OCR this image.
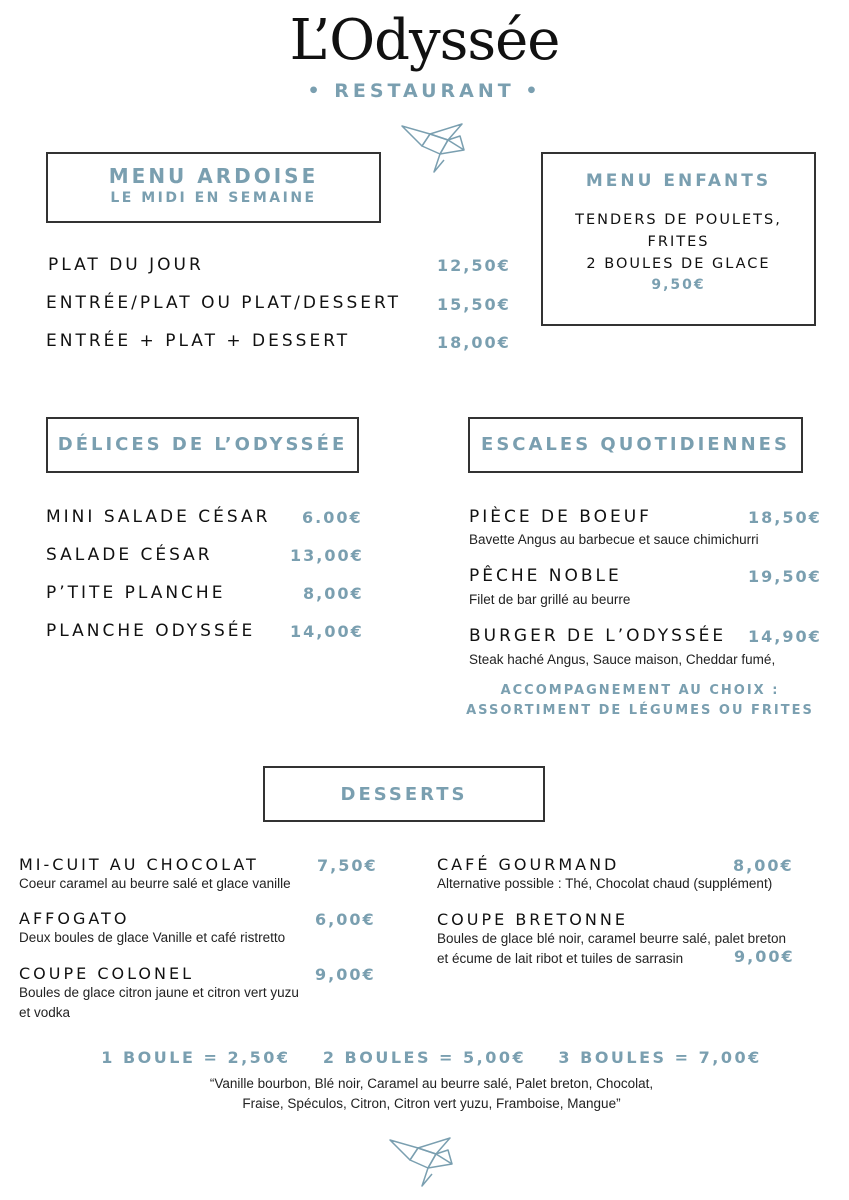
L’Odyssée
• RESTAURANT •
MENU ARDOISE
LE MIDI EN SEMAINE
PLAT DU JOUR	12,50€
ENTRÉE/PLAT OU PLAT/DESSERT 15,50€
ENTRÉE + PLAT + DESSERT	18,00€
MENU ENFANTS
TENDERS DE POULETS,
FRITES
2 BOULES DE GLACE
9,50€
DÉLICES DE L’ODYSSÉE
MINI SALADE CÉSAR 6.00€
SALADE CÉSAR	13,00€
P’TITE PLANCHE	8,00€
PLANCHE ODYSSÉE 14,00€
ESCALES QUOTIDIENNES
PIÈCE DE BOEUF	18,50€
Bavette Angus au barbecue et sauce chimichurri
PÊCHE NOBLE	19,50€
Filet de bar grillé au beurre
BURGER DE L’ODYSSÉE 14,90€
Steak haché Angus, Sauce maison, Cheddar fumé,
ACCOMPAGNEMENT AU CHOIX :
ASSORTIMENT DE LÉGUMES OU FRITES
DESSERTS
MI-CUIT AU CHOCOLAT	7,50€
Coeur caramel au beurre salé et glace vanille
AFFOGATO	6,00€
Deux boules de glace Vanille et café ristretto
COUPE COLONEL	9,00€
Boules de glace citron jaune et citron vert yuzu
et vodka
CAFÉ GOURMAND	8,00€
Alternative possible : Thé, Chocolat chaud (supplément)
COUPE BRETONNE
Boules de glace blé noir, caramel beurre salé, palet breton
et écume de lait ribot et tuiles de sarrasin	9,00€
1 BOULE = 2,50€    2 BOULES = 5,00€    3 BOULES = 7,00€
“Vanille bourbon, Blé noir, Caramel au beurre salé, Palet breton, Chocolat,
Fraise, Spéculos, Citron, Citron vert yuzu, Framboise, Mangue”
